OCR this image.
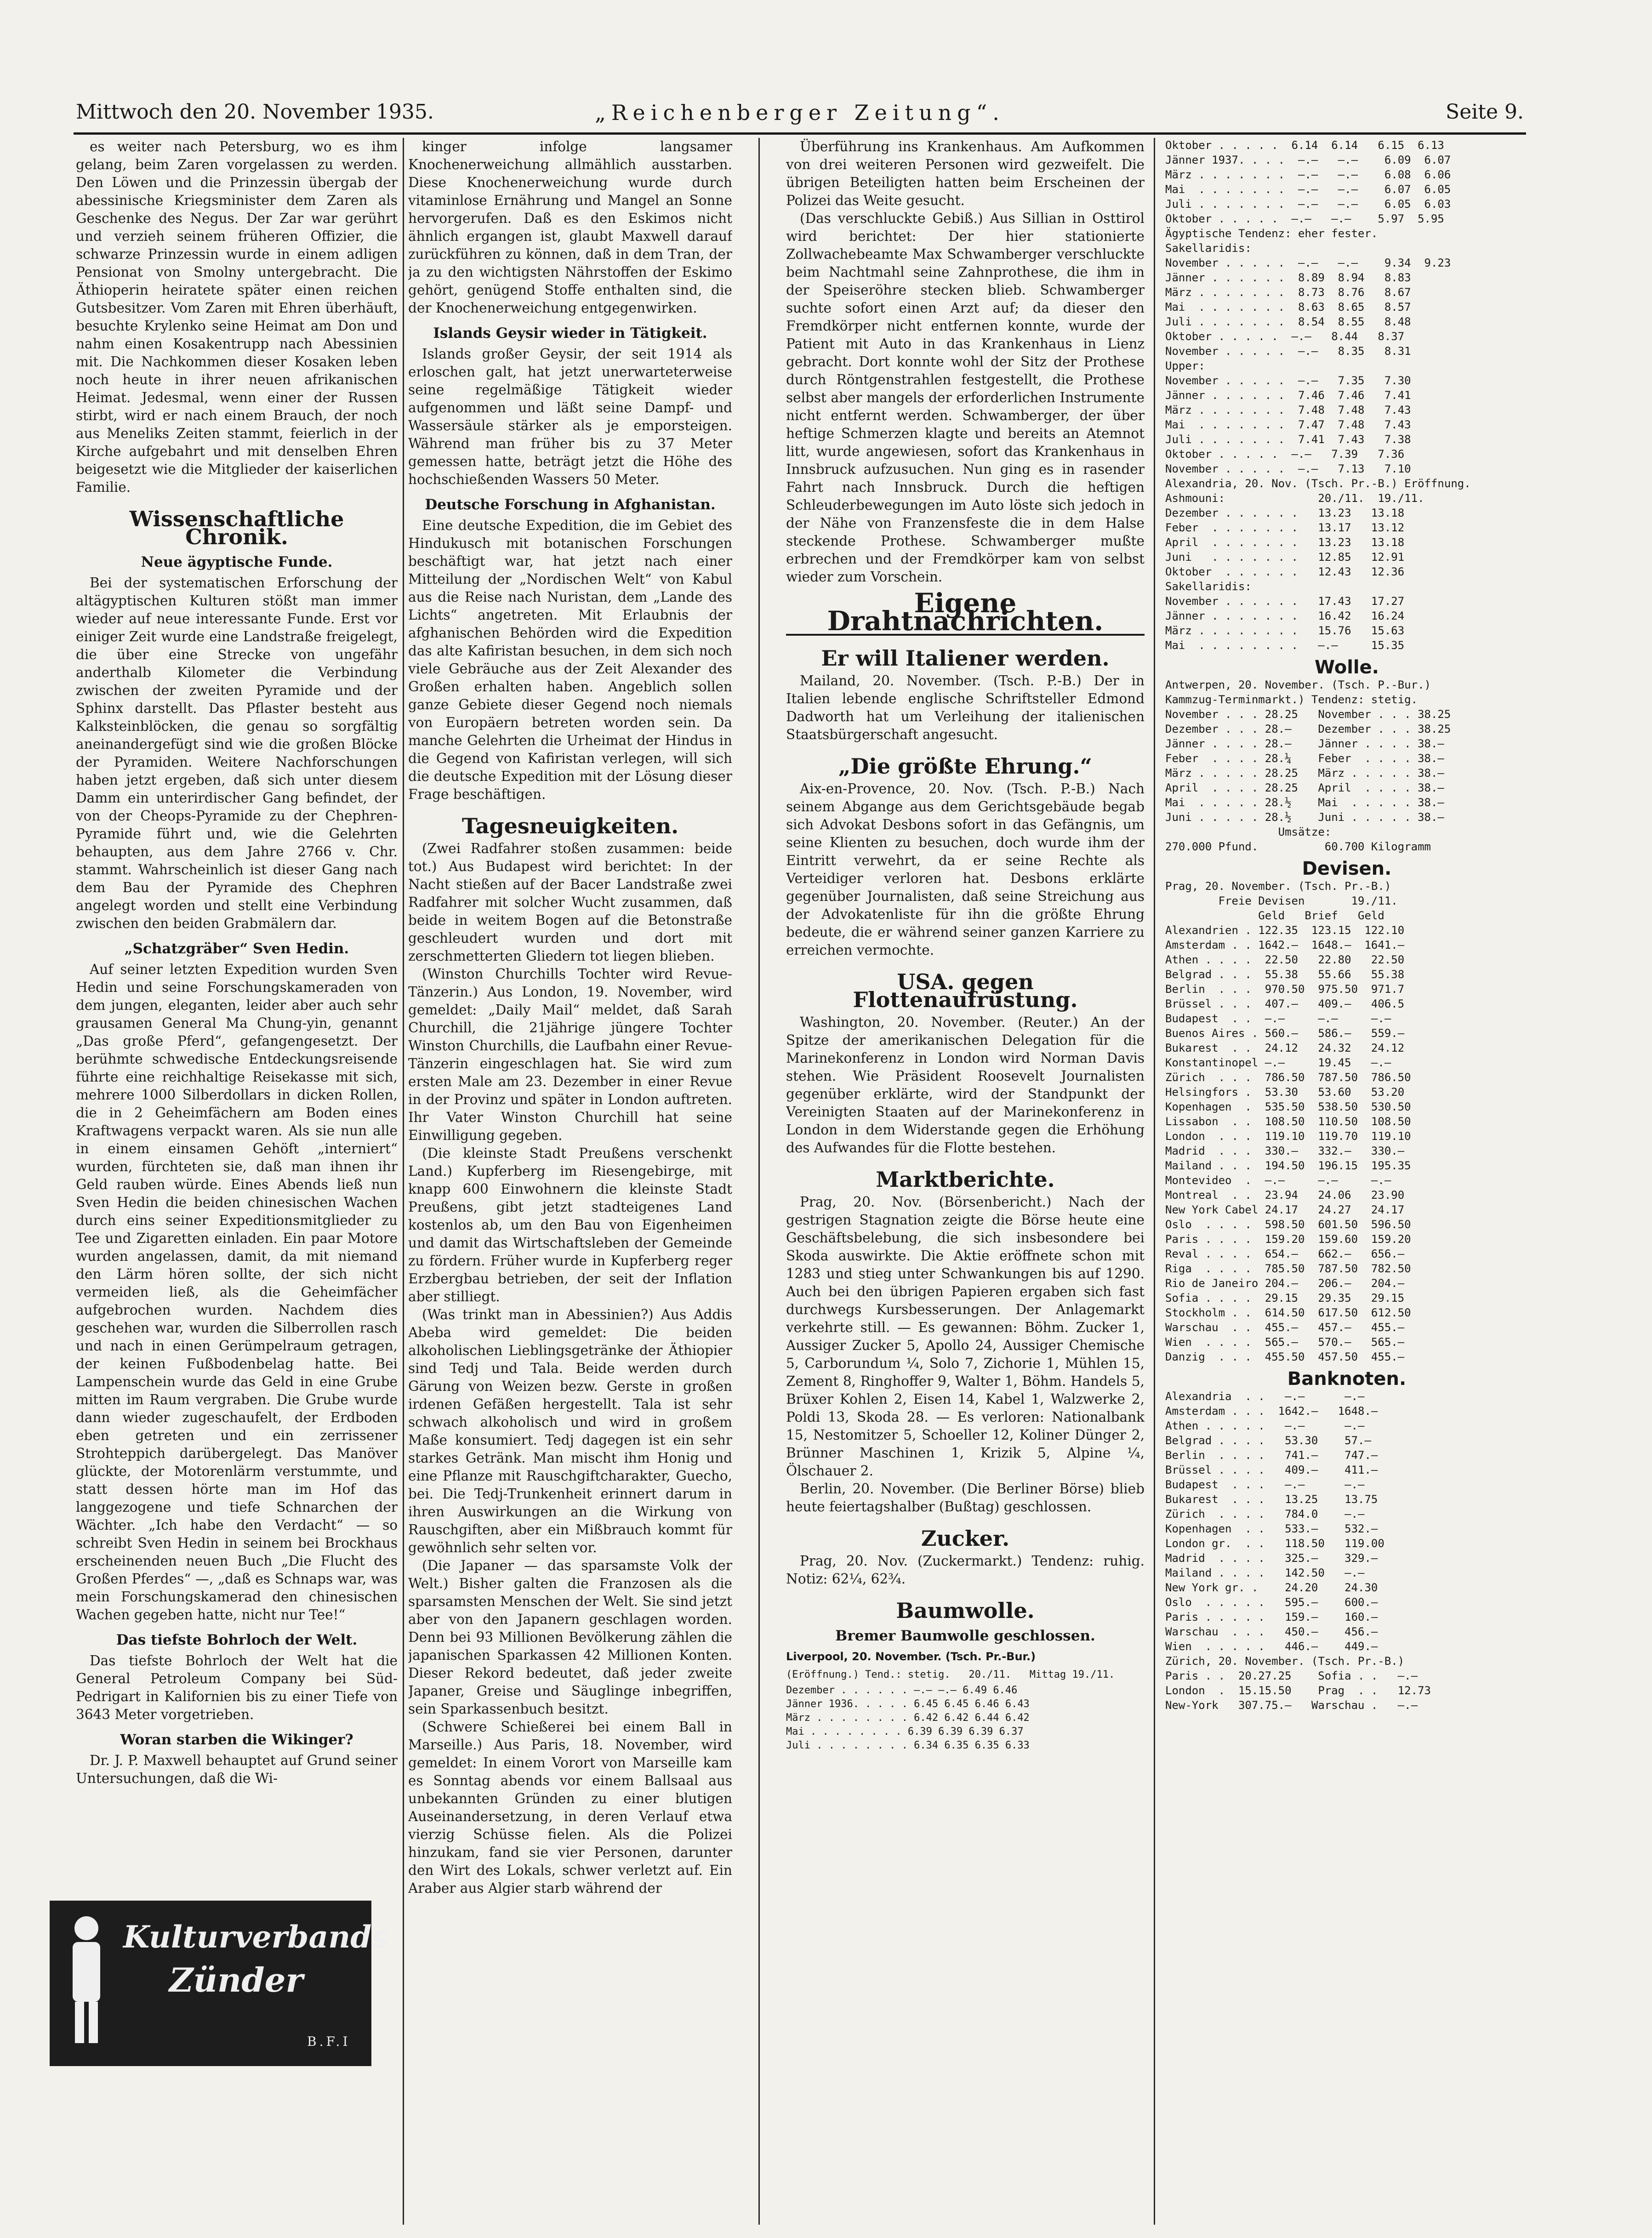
Mittwoch den 20. November 1935.	„Reichenberger Zeitung“.	Seite 9.

es weiter nach Petersburg, wo es ihm gelang, beim Zaren vorgelassen zu werden. Den Löwen und die Prinzessin übergab der abessinische Kriegsminister dem Zaren als Geschenke des Negus. Der Zar war gerührt und verzieh seinem früheren Offizier, die schwarze Prinzessin wurde in einem adligen Pensionat von Smolny untergebracht. Die Äthioperin heiratete später einen reichen Gutsbesitzer. Vom Zaren mit Ehren überhäuft, besuchte Krylenko seine Heimat am Don und nahm einen Kosakentrupp nach Abessinien mit. Die Nachkommen dieser Kosaken leben noch heute in ihrer neuen afrikanischen Heimat. Jedesmal, wenn einer der Russen stirbt, wird er nach einem Brauch, der noch aus Meneliks Zeiten stammt, feierlich in der Kirche aufgebahrt und mit denselben Ehren beigesetzt wie die Mitglieder der kaiserlichen Familie.

Wissenschaftliche Chronik.
Neue ägyptische Funde.

Bei der systematischen Erforschung der altägyptischen Kulturen stößt man immer wieder auf neue interessante Funde. Erst vor einiger Zeit wurde eine Landstraße freigelegt, die über eine Strecke von ungefähr anderthalb Kilometer die Verbindung zwischen der zweiten Pyramide und der Sphinx darstellt. Das Pflaster besteht aus Kalksteinblöcken, die genau so sorgfältig aneinandergefügt sind wie die großen Blöcke der Pyramiden. Weitere Nachforschungen haben jetzt ergeben, daß sich unter diesem Damm ein unterirdischer Gang befindet, der von der Cheops-Pyramide zu der Chephren-Pyramide führt und, wie die Gelehrten behaupten, aus dem Jahre 2766 v. Chr. stammt. Wahrscheinlich ist dieser Gang nach dem Bau der Pyramide des Chephren angelegt worden und stellt eine Verbindung zwischen den beiden Grabmälern dar.

„Schatzgräber“ Sven Hedin.

Auf seiner letzten Expedition wurden Sven Hedin und seine Forschungskameraden von dem jungen, eleganten, leider aber auch sehr grausamen General Ma Chung-yin, genannt „Das große Pferd“, gefangengesetzt. Der berühmte schwedische Entdeckungsreisende führte eine reichhaltige Reisekasse mit sich, mehrere 1000 Silberdollars in dicken Rollen, die in 2 Geheimfächern am Boden eines Kraftwagens verpackt waren. Als sie nun alle in einem einsamen Gehöft „interniert“ wurden, fürchteten sie, daß man ihnen ihr Geld rauben würde. Eines Abends ließ nun Sven Hedin die beiden chinesischen Wachen durch eins seiner Expeditionsmitglieder zu Tee und Zigaretten einladen. Ein paar Motore wurden angelassen, damit, da mit niemand den Lärm hören sollte, der sich nicht vermeiden ließ, als die Geheimfächer aufgebrochen wurden. Nachdem dies geschehen war, wurden die Silberrollen rasch und nach in einen Gerümpelraum getragen, der keinen Fußbodenbelag hatte. Bei Lampenschein wurde das Geld in eine Grube mitten im Raum vergraben. Die Grube wurde dann wieder zugeschaufelt, der Erdboden eben getreten und ein zerrissener Strohteppich darübergelegt. Das Manöver glückte, der Motorenlärm verstummte, und statt dessen hörte man im Hof das langgezogene und tiefe Schnarchen der Wächter. „Ich habe den Verdacht“ — so schreibt Sven Hedin in seinem bei Brockhaus erscheinenden neuen Buch „Die Flucht des Großen Pferdes“ —, „daß es Schnaps war, was mein Forschungskamerad den chinesischen Wachen gegeben hatte, nicht nur Tee!“

Das tiefste Bohrloch der Welt.

Das tiefste Bohrloch der Welt hat die General Petroleum Company bei Süd-Pedrigart in Kalifornien bis zu einer Tiefe von 3643 Meter vorgetrieben.

Woran starben die Wikinger?

Dr. J. P. Maxwell behauptet auf Grund seiner Untersuchungen, daß die Wi-

Kulturverbands
Zünder
B.F.I

kinger infolge langsamer Knochenerweichung allmählich ausstarben. Diese Knochenerweichung wurde durch vitaminlose Ernährung und Mangel an Sonne hervorgerufen. Daß es den Eskimos nicht ähnlich ergangen ist, glaubt Maxwell darauf zurückführen zu können, daß in dem Tran, der ja zu den wichtigsten Nährstoffen der Eskimo gehört, genügend Stoffe enthalten sind, die der Knochenerweichung entgegenwirken.

Islands Geysir wieder in Tätigkeit.

Islands großer Geysir, der seit 1914 als erloschen galt, hat jetzt unerwarteterweise seine regelmäßige Tätigkeit wieder aufgenommen und läßt seine Dampf- und Wassersäule stärker als je emporsteigen. Während man früher bis zu 37 Meter gemessen hatte, beträgt jetzt die Höhe des hochschießenden Wassers 50 Meter.

Deutsche Forschung in Afghanistan.

Eine deutsche Expedition, die im Gebiet des Hindukusch mit botanischen Forschungen beschäftigt war, hat jetzt nach einer Mitteilung der „Nordischen Welt“ von Kabul aus die Reise nach Nuristan, dem „Lande des Lichts“ angetreten. Mit Erlaubnis der afghanischen Behörden wird die Expedition das alte Kafiristan besuchen, in dem sich noch viele Gebräuche aus der Zeit Alexander des Großen erhalten haben. Angeblich sollen ganze Gebiete dieser Gegend noch niemals von Europäern betreten worden sein. Da manche Gelehrten die Urheimat der Hindus in die Gegend von Kafiristan verlegen, will sich die deutsche Expedition mit der Lösung dieser Frage beschäftigen.

Tagesneuigkeiten.

(Zwei Radfahrer stoßen zusammen: beide tot.) Aus Budapest wird berichtet: In der Nacht stießen auf der Bacer Landstraße zwei Radfahrer mit solcher Wucht zusammen, daß beide in weitem Bogen auf die Betonstraße geschleudert wurden und dort mit zerschmetterten Gliedern tot liegen blieben.

(Winston Churchills Tochter wird Revue-Tänzerin.) Aus London, 19. November, wird gemeldet: „Daily Mail“ meldet, daß Sarah Churchill, die 21jährige jüngere Tochter Winston Churchills, die Laufbahn einer Revue-Tänzerin eingeschlagen hat. Sie wird zum ersten Male am 23. Dezember in einer Revue in der Provinz und später in London auftreten. Ihr Vater Winston Churchill hat seine Einwilligung gegeben.

(Die kleinste Stadt Preußens verschenkt Land.) Kupferberg im Riesengebirge, mit knapp 600 Einwohnern die kleinste Stadt Preußens, gibt jetzt stadteigenes Land kostenlos ab, um den Bau von Eigenheimen und damit das Wirtschaftsleben der Gemeinde zu fördern. Früher wurde in Kupferberg reger Erzbergbau betrieben, der seit der Inflation aber stilliegt.

(Was trinkt man in Abessinien?) Aus Addis Abeba wird gemeldet: Die beiden alkoholischen Lieblingsgetränke der Äthiopier sind Tedj und Tala. Beide werden durch Gärung von Weizen bezw. Gerste in großen irdenen Gefäßen hergestellt. Tala ist sehr schwach alkoholisch und wird in großem Maße konsumiert. Tedj dagegen ist ein sehr starkes Getränk. Man mischt ihm Honig und eine Pflanze mit Rauschgiftcharakter, Guecho, bei. Die Tedj-Trunkenheit erinnert darum in ihren Auswirkungen an die Wirkung von Rauschgiften, aber ein Mißbrauch kommt für gewöhnlich sehr selten vor.

(Die Japaner — das sparsamste Volk der Welt.) Bisher galten die Franzosen als die sparsamsten Menschen der Welt. Sie sind jetzt aber von den Japanern geschlagen worden. Denn bei 93 Millionen Bevölkerung zählen die japanischen Sparkassen 42 Millionen Konten. Dieser Rekord bedeutet, daß jeder zweite Japaner, Greise und Säuglinge inbegriffen, sein Sparkassenbuch besitzt.

(Schwere Schießerei bei einem Ball in Marseille.) Aus Paris, 18. November, wird gemeldet: In einem Vorort von Marseille kam es Sonntag abends vor einem Ballsaal aus unbekannten Gründen zu einer blutigen Auseinandersetzung, in deren Verlauf etwa vierzig Schüsse fielen. Als die Polizei hinzukam, fand sie vier Personen, darunter den Wirt des Lokals, schwer verletzt auf. Ein Araber aus Algier starb während der

Überführung ins Krankenhaus. Am Aufkommen von drei weiteren Personen wird gezweifelt. Die übrigen Beteiligten hatten beim Erscheinen der Polizei das Weite gesucht.

(Das verschluckte Gebiß.) Aus Sillian in Osttirol wird berichtet: Der hier stationierte Zollwachebeamte Max Schwamberger verschluckte beim Nachtmahl seine Zahnprothese, die ihm in der Speiseröhre stecken blieb. Schwamberger suchte sofort einen Arzt auf; da dieser den Fremdkörper nicht entfernen konnte, wurde der Patient mit Auto in das Krankenhaus in Lienz gebracht. Dort konnte wohl der Sitz der Prothese durch Röntgenstrahlen festgestellt, die Prothese selbst aber mangels der erforderlichen Instrumente nicht entfernt werden. Schwamberger, der über heftige Schmerzen klagte und bereits an Atemnot litt, wurde angewiesen, sofort das Krankenhaus in Innsbruck aufzusuchen. Nun ging es in rasender Fahrt nach Innsbruck. Durch die heftigen Schleuderbewegungen im Auto löste sich jedoch in der Nähe von Franzensfeste die in dem Halse steckende Prothese. Schwamberger mußte erbrechen und der Fremdkörper kam von selbst wieder zum Vorschein.

Eigene Drahtnachrichten.
Er will Italiener werden.

Mailand, 20. November. (Tsch. P.-B.) Der in Italien lebende englische Schriftsteller Edmond Dadworth hat um Verleihung der italienischen Staatsbürgerschaft angesucht.

„Die größte Ehrung.“

Aix-en-Provence, 20. Nov. (Tsch. P.-B.) Nach seinem Abgange aus dem Gerichtsgebäude begab sich Advokat Desbons sofort in das Gefängnis, um seine Klienten zu besuchen, doch wurde ihm der Eintritt verwehrt, da er seine Rechte als Verteidiger verloren hat. Desbons erklärte gegenüber Journalisten, daß seine Streichung aus der Advokatenliste für ihn die größte Ehrung bedeute, die er während seiner ganzen Karriere zu erreichen vermochte.

USA. gegen Flottenaufrüstung.

Washington, 20. November. (Reuter.) An der Spitze der amerikanischen Delegation für die Marinekonferenz in London wird Norman Davis stehen. Wie Präsident Roosevelt Journalisten gegenüber erklärte, wird der Standpunkt der Vereinigten Staaten auf der Marinekonferenz in London in dem Widerstande gegen die Erhöhung des Aufwandes für die Flotte bestehen.

Marktberichte.

Prag, 20. Nov. (Börsenbericht.) Nach der gestrigen Stagnation zeigte die Börse heute eine Geschäftsbelebung, die sich insbesondere bei Skoda auswirkte. Die Aktie eröffnete schon mit 1283 und stieg unter Schwankungen bis auf 1290. Auch bei den übrigen Papieren ergaben sich fast durchwegs Kursbesserungen. Der Anlagemarkt verkehrte still. — Es gewannen: Böhm. Zucker 1, Aussiger Zucker 5, Apollo 24, Aussiger Chemische 5, Carborundum ¼, Solo 7, Zichorie 1, Mühlen 15, Zement 8, Ringhoffer 9, Walter 1, Böhm. Handels 5, Brüxer Kohlen 2, Eisen 14, Kabel 1, Walzwerke 2, Poldi 13, Skoda 28. — Es verloren: Nationalbank 15, Nestomitzer 5, Schoeller 12, Koliner Dünger 2, Brünner Maschinen 1, Krizik 5, Alpine ¼, Ölschauer 2.

Berlin, 20. November. (Die Berliner Börse) blieb heute feiertagshalber (Bußtag) geschlossen.

Zucker.

Prag, 20. Nov. (Zuckermarkt.) Tendenz: ruhig. Notiz: 62¼, 62¾.

Baumwolle.
Bremer Baumwolle geschlossen.
Liverpool, 20. November. (Tsch. Pr.-Bur.)
(Eröffnung.) Tend.: stetig.   20./11.   Mittag 19./11.
Dezember . . . . . . —.— —.— 6.49 6.46
Jänner 1936. . . . . 6.45 6.45 6.46 6.43
März . . . . . . . . 6.42 6.42 6.44 6.42
Mai . . . . . . . . 6.39 6.39 6.39 6.37
Juli . . . . . . . . 6.34 6.35 6.35 6.33
Oktober . . . . .  6.14  6.14   6.15  6.13
Jänner 1937. . . .  —.—   —.—    6.09  6.07
März . . . . . . .  —.—   —.—    6.08  6.06
Mai  . . . . . . .  —.—   —.—    6.07  6.05
Juli . . . . . . .  —.—   —.—    6.05  6.03
Oktober . . . . .  —.—   —.—    5.97  5.95
Ägyptische Tendenz: eher fester.
Sakellaridis:
November . . . . .  —.—   —.—    9.34  9.23
Jänner . . . . . .  8.89  8.94   8.83
März . . . . . . .  8.73  8.76   8.67
Mai  . . . . . . .  8.63  8.65   8.57
Juli . . . . . . .  8.54  8.55   8.48
Oktober . . . . .  —.—   8.44   8.37
November . . . . .  —.—   8.35   8.31
Upper:
November . . . . .  —.—   7.35   7.30
Jänner . . . . . .  7.46  7.46   7.41
März . . . . . . .  7.48  7.48   7.43
Mai  . . . . . . .  7.47  7.48   7.43
Juli . . . . . . .  7.41  7.43   7.38
Oktober . . . . .  —.—   7.39   7.36
November . . . . .  —.—   7.13   7.10
Alexandria, 20. Nov. (Tsch. Pr.-B.) Eröffnung.
Ashmouni:              20./11.  19./11.
Dezember . . . . . .   13.23   13.18
Feber  . . . . . . .   13.17   13.12
April  . . . . . . .   13.23   13.18
Juni   . . . . . . .   12.85   12.91
Oktober  . . . . . .   12.43   12.36
Sakellaridis:
November . . . . . .   17.43   17.27
Jänner . . . . . . .   16.42   16.24
März . . . . . . . .   15.76   15.63
Mai  . . . . . . . .   —.—     15.35
Wolle.
Antwerpen, 20. November. (Tsch. P.-Bur.)
Kammzug-Terminmarkt.) Tendenz: stetig.
November . . . 28.25   November . . . 38.25
Dezember . . . 28.—    Dezember . . . 38.25
Jänner . . . . 28.—    Jänner . . . . 38.—
Feber  . . . . 28.¼    Feber  . . . . 38.—
März . . . . . 28.25   März . . . . . 38.—
April  . . . . 28.25   April  . . . . 38.—
Mai  . . . . . 28.½    Mai  . . . . . 38.—
Juni . . . . . 28.½    Juni . . . . . 38.—
Umsätze:
270.000 Pfund.          60.700 Kilogramm
Devisen.
Prag, 20. November. (Tsch. Pr.-B.)
Freie Devisen       19./11.
Geld   Brief   Geld
Alexandrien . 122.35  123.15  122.10
Amsterdam . . 1642.—  1648.—  1641.—
Athen . . . .  22.50   22.80   22.50
Belgrad . . .  55.38   55.66   55.38
Berlin  . . .  970.50  975.50  971.7
Brüssel . . .  407.—   409.—   406.5
Budapest  . .  —.—     —.—     —.—
Buenos Aires . 560.—   586.—   559.—
Bukarest  . .  24.12   24.32   24.12
Konstantinopel —.—     19.45   —.—
Zürich  . . .  786.50  787.50  786.50
Helsingfors .  53.30   53.60   53.20
Kopenhagen  .  535.50  538.50  530.50
Lissabon  . .  108.50  110.50  108.50
London  . . .  119.10  119.70  119.10
Madrid  . . .  330.—   332.—   330.—
Mailand . . .  194.50  196.15  195.35
Montevideo  .  —.—     —.—     —.—
Montreal  . .  23.94   24.06   23.90
New York Cabel 24.17   24.27   24.17
Oslo  . . . .  598.50  601.50  596.50
Paris . . . .  159.20  159.60  159.20
Reval . . . .  654.—   662.—   656.—
Riga  . . . .  785.50  787.50  782.50
Rio de Janeiro 204.—   206.—   204.—
Sofia . . . .  29.15   29.35   29.15
Stockholm . .  614.50  617.50  612.50
Warschau  . .  455.—   457.—   455.—
Wien  . . . .  565.—   570.—   565.—
Danzig  . . .  455.50  457.50  455.—
Banknoten.
Alexandria  . .   —.—      —.—
Amsterdam . . .  1642.—   1648.—
Athen . . . . .   —.—      —.—
Belgrad . . . .   53.30    57.—
Berlin  . . . .   741.—    747.—
Brüssel . . . .   409.—    411.—
Budapest  . . .   —.—      —.—
Bukarest  . . .   13.25    13.75
Zürich  . . . .   784.0    —.—
Kopenhagen  . .   533.—    532.—
London gr.  . .   118.50   119.00
Madrid  . . . .   325.—    329.—
Mailand . . . .   142.50   —.—
New York gr. .    24.20    24.30
Oslo  . . . . .   595.—    600.—
Paris . . . . .   159.—    160.—
Warschau  . . .   450.—    456.—
Wien  . . . . .   446.—    449.—
Zürich, 20. November. (Tsch. Pr.-B.)
Paris . .  20.27.25    Sofia . .   —.—
London  .  15.15.50    Prag  . .   12.73
New-York   307.75.—   Warschau .   —.—
